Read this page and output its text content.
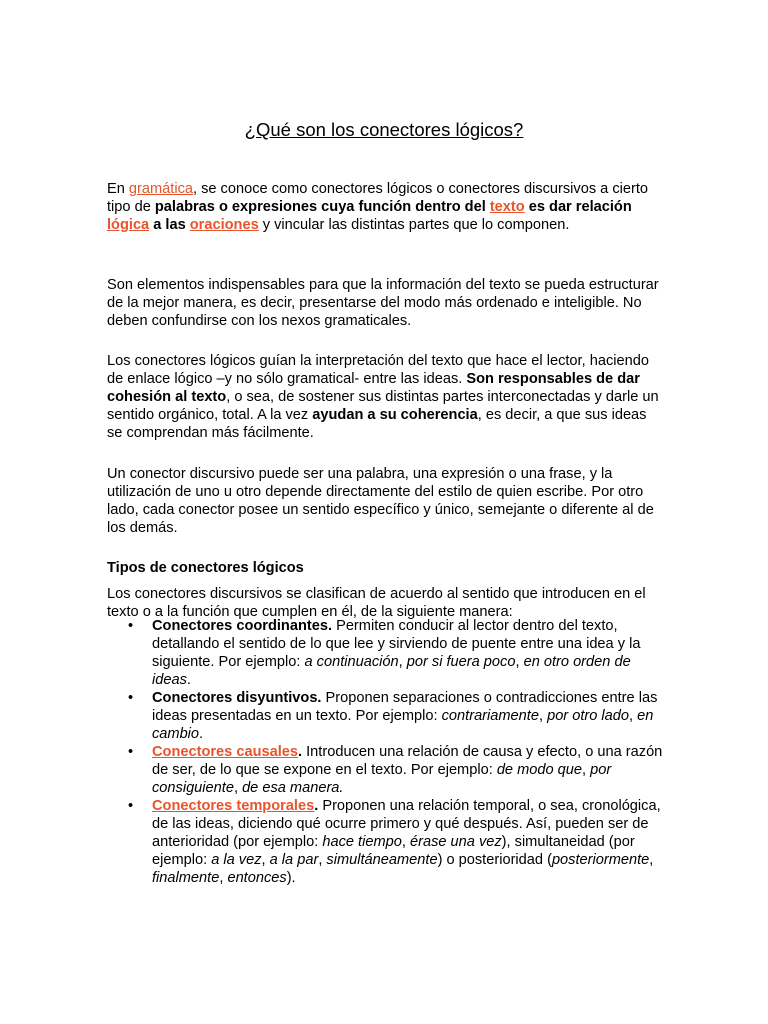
¿Qué son los conectores lógicos?

En gramática, se conoce como conectores lógicos o conectores discursivos a cierto tipo de palabras o expresiones cuya función dentro del texto es dar relación lógica a las oraciones y vincular las distintas partes que lo componen.

Son elementos indispensables para que la información del texto se pueda estructurar de la mejor manera, es decir, presentarse del modo más ordenado e inteligible. No deben confundirse con los nexos gramaticales.

Los conectores lógicos guían la interpretación del texto que hace el lector, haciendo de enlace lógico –y no sólo gramatical- entre las ideas. Son responsables de dar cohesión al texto, o sea, de sostener sus distintas partes interconectadas y darle un sentido orgánico, total. A la vez ayudan a su coherencia, es decir, a que sus ideas se comprendan más fácilmente.

Un conector discursivo puede ser una palabra, una expresión o una frase, y la utilización de uno u otro depende directamente del estilo de quien escribe. Por otro lado, cada conector posee un sentido específico y único, semejante o diferente al de los demás.

Tipos de conectores lógicos

Los conectores discursivos se clasifican de acuerdo al sentido que introducen en el texto o a la función que cumplen en él, de la siguiente manera:

• Conectores coordinantes. Permiten conducir al lector dentro del texto, detallando el sentido de lo que lee y sirviendo de puente entre una idea y la siguiente. Por ejemplo: a continuación, por si fuera poco, en otro orden de ideas.
• Conectores disyuntivos. Proponen separaciones o contradicciones entre las ideas presentadas en un texto. Por ejemplo: contrariamente, por otro lado, en cambio.
• Conectores causales. Introducen una relación de causa y efecto, o una razón de ser, de lo que se expone en el texto. Por ejemplo: de modo que, por consiguiente, de esa manera.
• Conectores temporales. Proponen una relación temporal, o sea, cronológica, de las ideas, diciendo qué ocurre primero y qué después. Así, pueden ser de anterioridad (por ejemplo: hace tiempo, érase una vez), simultaneidad (por ejemplo: a la vez, a la par, simultáneamente) o posterioridad (posteriormente, finalmente, entonces).
